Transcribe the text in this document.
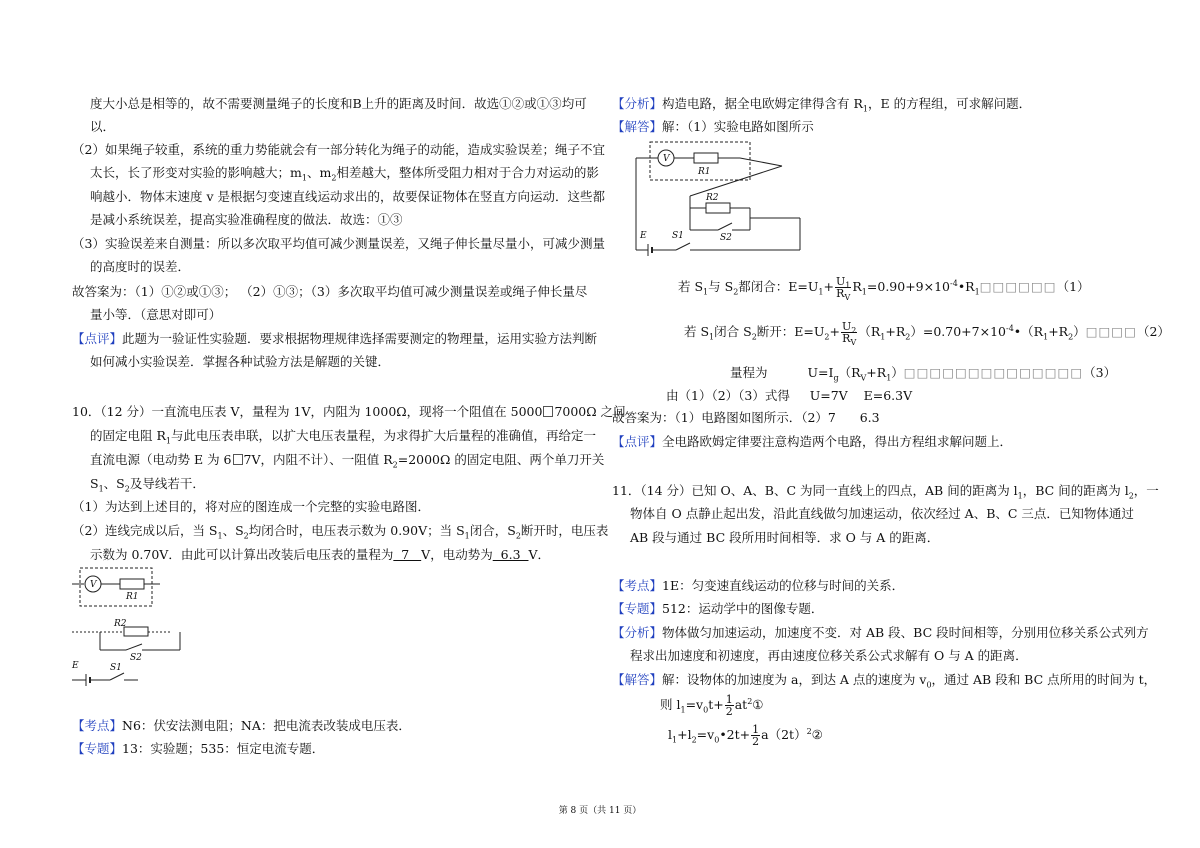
度大小总是相等的，故不需要测量绳子的长度和B上升的距离及时间．故选①②或①③均可
以．
（2）如果绳子较重，系统的重力势能就会有一部分转化为绳子的动能，造成实验误差；绳子不宜
太长，长了形变对实验的影响越大；$m_1$、$m_2$相差越大，整体所受阻力相对于合力对运动的影
响越小．物体末速度 v 是根据匀变速直线运动求出的，故要保证物体在竖直方向运动．这些都
是减小系统误差，提高实验准确程度的做法．故选：①③
（3）实验误差来自测量：所以多次取平均值可减少测量误差，又绳子伸长量尽量小，可减少测量
的高度时的误差．
故答案为：（1）①②或①③； （2）①③；（3）多次取平均值可减少测量误差或绳子伸长量尽
量小等．（意思对即可）
【点评】此题为一验证性实验题．要求根据物理规律选择需要测定的物理量，运用实验方法判断
如何减小实验误差．掌握各种试验方法是解题的关键．
10．（12 分）一直流电压表 V，量程为 1V，内阻为 1000Ω，现将一个阻值在 5000 7000Ω 之间
的固定电阻 $R_1$与此电压表串联，以扩大电压表量程，为求得扩大后量程的准确值，再给定一
直流电源（电动势 E 为 6 7V，内阻不计）、一阻值 $R_2=2000\Omega$ 的固定电阻、两个单刀开关
$S_1$、$S_2$及导线若干．
（1）为达到上述目的，将对应的图连成一个完整的实验电路图．
（2）连线完成以后，当 $S_1$、$S_2$均闭合时，电压表示数为 0.90V；当 $S_1$闭合，$S_2$断开时，电压表
示数为 0.70V．由此可以计算出改装后电压表的量程为  7   V，电动势为  6.3  V．
V
R1
R2
S2
E	S1
【考点】N6：伏安法测电阻；NA：把电流表改装成电压表．
【专题】13：实验题；535：恒定电流专题．
【分析】构造电路，据全电欧姆定律得含有 $R_1$，E 的方程组，可求解问题．
【解答】解：（1）实验电路如图所示
V
R1
R2
S2
E	S1
若 $S_1$与 $S_2$都闭合：$E=U_1+ \frac{U_1}{R_V}$ $R_1=0.90+9\times 10^{-4}•R_1□□□□□□(1)$
若 $S_1$闭合 $S_2$断开：$E=U_2+ \frac{U_2}{R_V}$ $(R_1+R_2)=0.70+7\times 10^{-4}•(R_1+R_2)□□□□(2)$
量程为	$U=I_g(R_V+R_1)□□□□□□□□□□□□□□(3)$
由（1）（2）（3）式得     U=7V    E=6.3V
故答案为：（1）电路图如图所示．（2）7      6.3
【点评】全电路欧姆定律要注意构造两个电路，得出方程组求解问题上．
11．（14 分）已知 O、A、B、C 为同一直线上的四点，AB 间的距离为 $l_1$，BC 间的距离为 $l_2$，一
物体自 O 点静止起出发，沿此直线做匀加速运动，依次经过 A、B、C 三点．已知物体通过
AB 段与通过 BC 段所用时间相等．求 O 与 A 的距离．
【考点】1E：匀变速直线运动的位移与时间的关系．
【专题】512：运动学中的图像专题．
【分析】物体做匀加速运动，加速度不变．对 AB 段、BC 段时间相等，分别用位移关系公式列方
程求出加速度和初速度，再由速度位移关系公式求解有 O 与 A 的距离．
【解答】解：设物体的加速度为 a，到达 A 点的速度为 $v_0$，通过 AB 段和 BC 点所用的时间为 t，
则 $l_1=v_0t+ \frac{1}{2}$ $at^2①$
$l_1+l_2=v_0•2t+ \frac{1}{2}$ $a(2t)^2②$
第 8 页（共 11 页）
